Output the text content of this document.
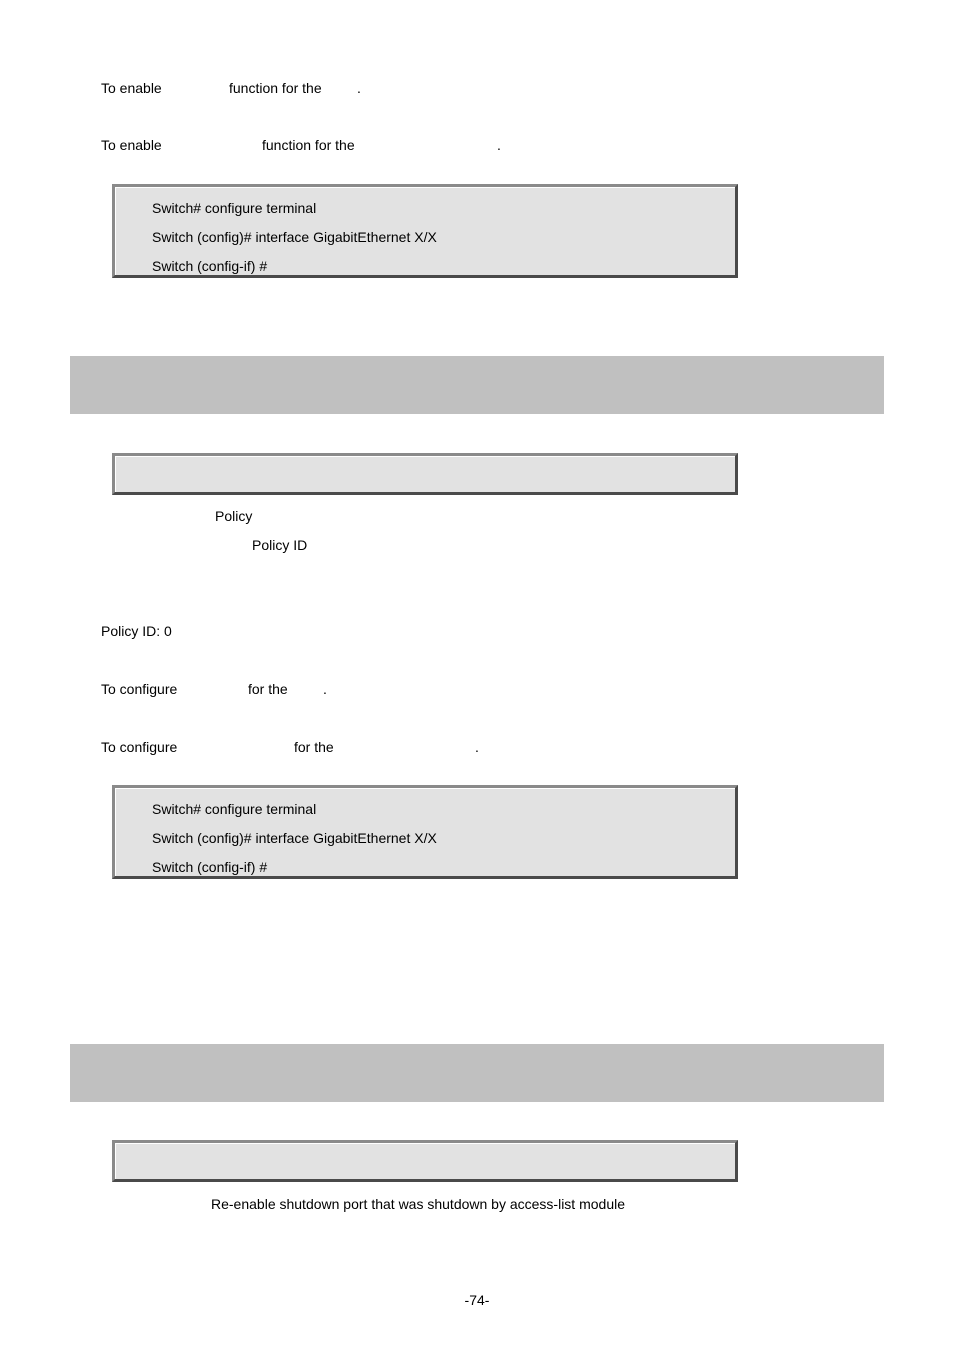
To enable	function for the	.
To enable	function for the	.
Switch# configure terminal
Switch (config)# interface GigabitEthernet X/X
Switch (config-if) #
Policy
Policy ID
Policy ID: 0
To configure	for the	.
To configure	for the	.
Switch# configure terminal
Switch (config)# interface GigabitEthernet X/X
Switch (config-if) #
Re-enable shutdown port that was shutdown by access-list module
-74-
